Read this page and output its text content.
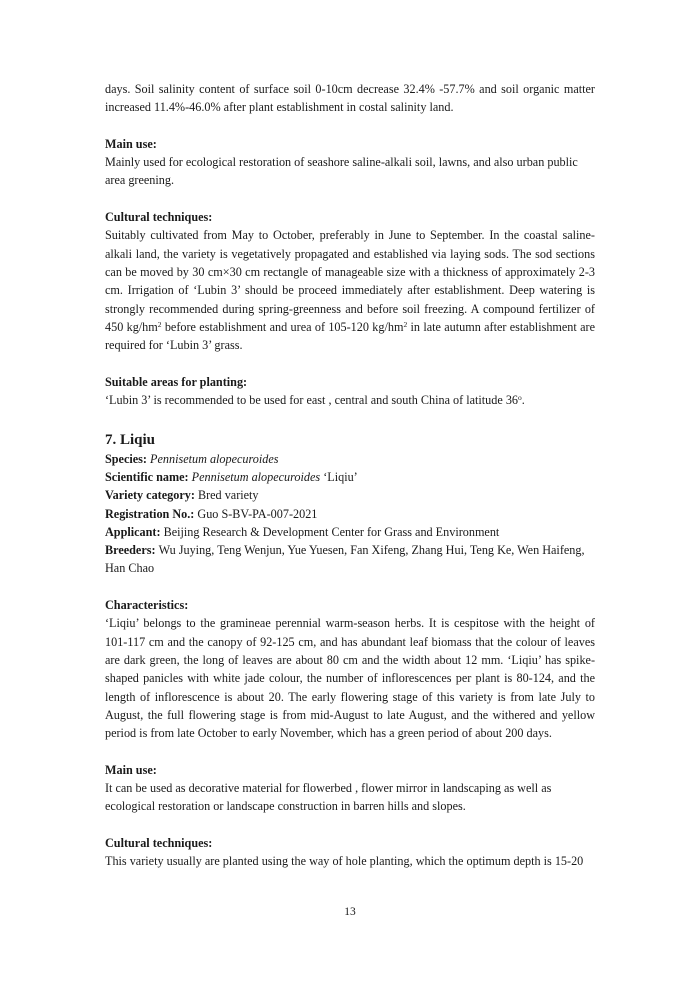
days. Soil salinity content of surface soil 0-10cm decrease 32.4% -57.7% and soil organic matter increased 11.4%-46.0% after plant establishment in costal salinity land.

Main use:

Mainly used for ecological restoration of seashore saline-alkali soil, lawns, and also urban public area greening.

Cultural techniques:

Suitably cultivated from May to October, preferably in June to September. In the coastal saline-alkali land, the variety is vegetatively propagated and established via laying sods. The sod sections can be moved by 30 cm×30 cm rectangle of manageable size with a thickness of approximately 2-3 cm. Irrigation of ‘Lubin 3’ should be proceed immediately after establishment. Deep watering is strongly recommended during spring-greenness and before soil freezing. A compound fertilizer of 450 $kg/hm^2$ before establishment and urea of 105-120 $kg/hm^2$ in late autumn after establishment are required for ‘Lubin 3’ grass.

Suitable areas for planting:

‘Lubin 3’ is recommended to be used for east , central and south China of latitude 36$^o$.

7. Liqiu

Species: Pennisetum alopecuroides

Scientific name: Pennisetum alopecuroides ‘Liqiu’

Variety category: Bred variety

Registration No.: Guo S-BV-PA-007-2021

Applicant: Beijing Research & Development Center for Grass and Environment

Breeders: Wu Juying, Teng Wenjun, Yue Yuesen, Fan Xifeng, Zhang Hui, Teng Ke, Wen Haifeng, Han Chao

Characteristics:

‘Liqiu’ belongs to the gramineae perennial warm-season herbs. It is cespitose with the height of 101-117 cm and the canopy of 92-125 cm, and has abundant leaf biomass that the colour of leaves are dark green, the long of leaves are about 80 cm and the width about 12 mm. ‘Liqiu’ has spike-shaped panicles with white jade colour, the number of inflorescences per plant is 80-124, and the length of inflorescence is about 20. The early flowering stage of this variety is from late July to August, the full flowering stage is from mid-August to late August, and the withered and yellow period is from late October to early November, which has a green period of about 200 days.

Main use:

It can be used as decorative material for flowerbed , flower mirror in landscaping as well as ecological restoration or landscape construction in barren hills and slopes.

Cultural techniques:

This variety usually are planted using the way of hole planting, which the optimum depth is 15-20

13
